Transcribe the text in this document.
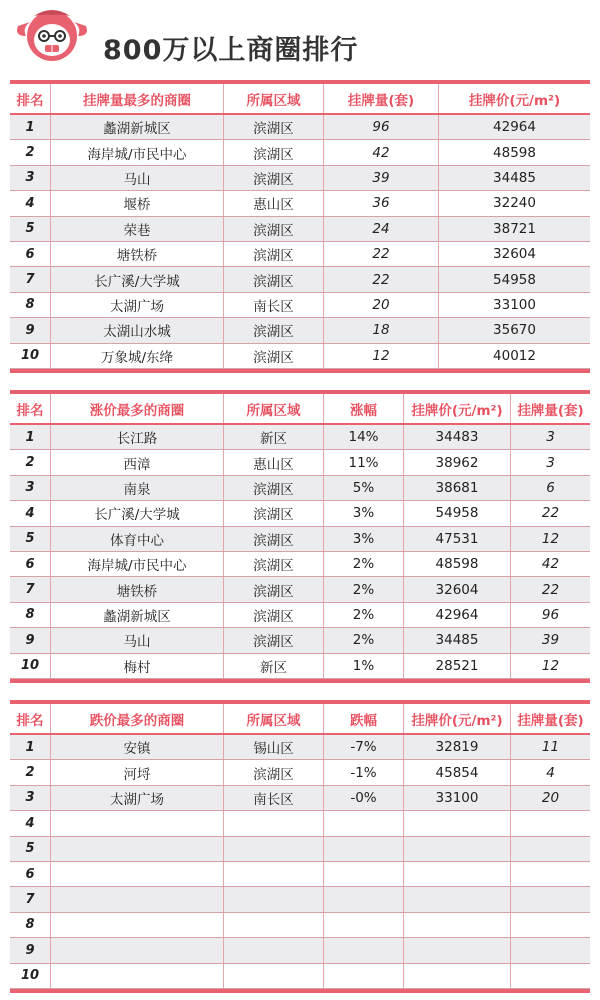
800万以上商圈排行
排名	挂牌量最多的商圈	所属区域	挂牌量(套)	挂牌价(元/m²)
1	蠡湖新城区	滨湖区	96	42964
2	海岸城/市民中心	滨湖区	42	48598
3	马山	滨湖区	39	34485
4	堰桥	惠山区	36	32240
5	荣巷	滨湖区	24	38721
6	塘铁桥	滨湖区	22	32604
7	长广溪/大学城	滨湖区	22	54958
8	太湖广场	南长区	20	33100
9	太湖山水城	滨湖区	18	35670
10	万象城/东绛	滨湖区	12	40012
排名	涨价最多的商圈	所属区域	涨幅	挂牌价(元/m²)	挂牌量(套)
1	长江路	新区	14%	34483	3
2	西漳	惠山区	11%	38962	3
3	南泉	滨湖区	5%	38681	6
4	长广溪/大学城	滨湖区	3%	54958	22
5	体育中心	滨湖区	3%	47531	12
6	海岸城/市民中心	滨湖区	2%	48598	42
7	塘铁桥	滨湖区	2%	32604	22
8	蠡湖新城区	滨湖区	2%	42964	96
9	马山	滨湖区	2%	34485	39
10	梅村	新区	1%	28521	12
排名	跌价最多的商圈	所属区域	跌幅	挂牌价(元/m²)	挂牌量(套)
1	安镇	锡山区	-7%	32819	11
2	河埒	滨湖区	-1%	45854	4
3	太湖广场	南长区	-0%	33100	20
4
5
6
7
8
9
10
